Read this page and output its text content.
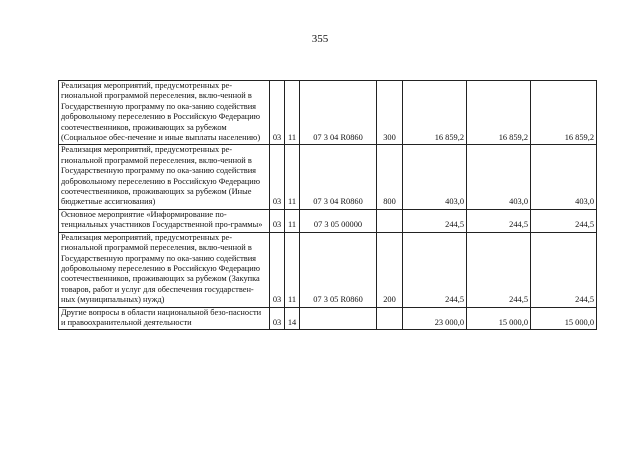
355
Реализация мероприятий, предусмотренных ре-гиональной программой переселения, вклю-ченной в Государственную программу по ока-занию содействия добровольному переселению в Российскую Федерацию соотечественников, проживающих за рубежом (Социальное обес-печение и иные выплаты населению)	03	11	07 3 04 R0860	300	16 859,2	16 859,2	16 859,2
Реализация мероприятий, предусмотренных ре-гиональной программой переселения, вклю-ченной в Государственную программу по ока-занию содействия добровольному переселению в Российскую Федерацию соотечественников, проживающих за рубежом (Иные бюджетные ассигнования)	03	11	07 3 04 R0860	800	403,0	403,0	403,0
Основное мероприятие «Информирование по-тенциальных участников Государственной про-граммы»	03	11	07 3 05 00000		244,5	244,5	244,5
Реализация мероприятий, предусмотренных ре-гиональной программой переселения, вклю-ченной в Государственную программу по ока-занию содействия добровольному переселению в Российскую Федерацию соотечественников, проживающих за рубежом (Закупка товаров, работ и услуг для обеспечения государствен-ных (муниципальных) нужд)	03	11	07 3 05 R0860	200	244,5	244,5	244,5
Другие вопросы в области национальной безо-пасности и правоохранительной деятельности	03	14			23 000,0	15 000,0	15 000,0
